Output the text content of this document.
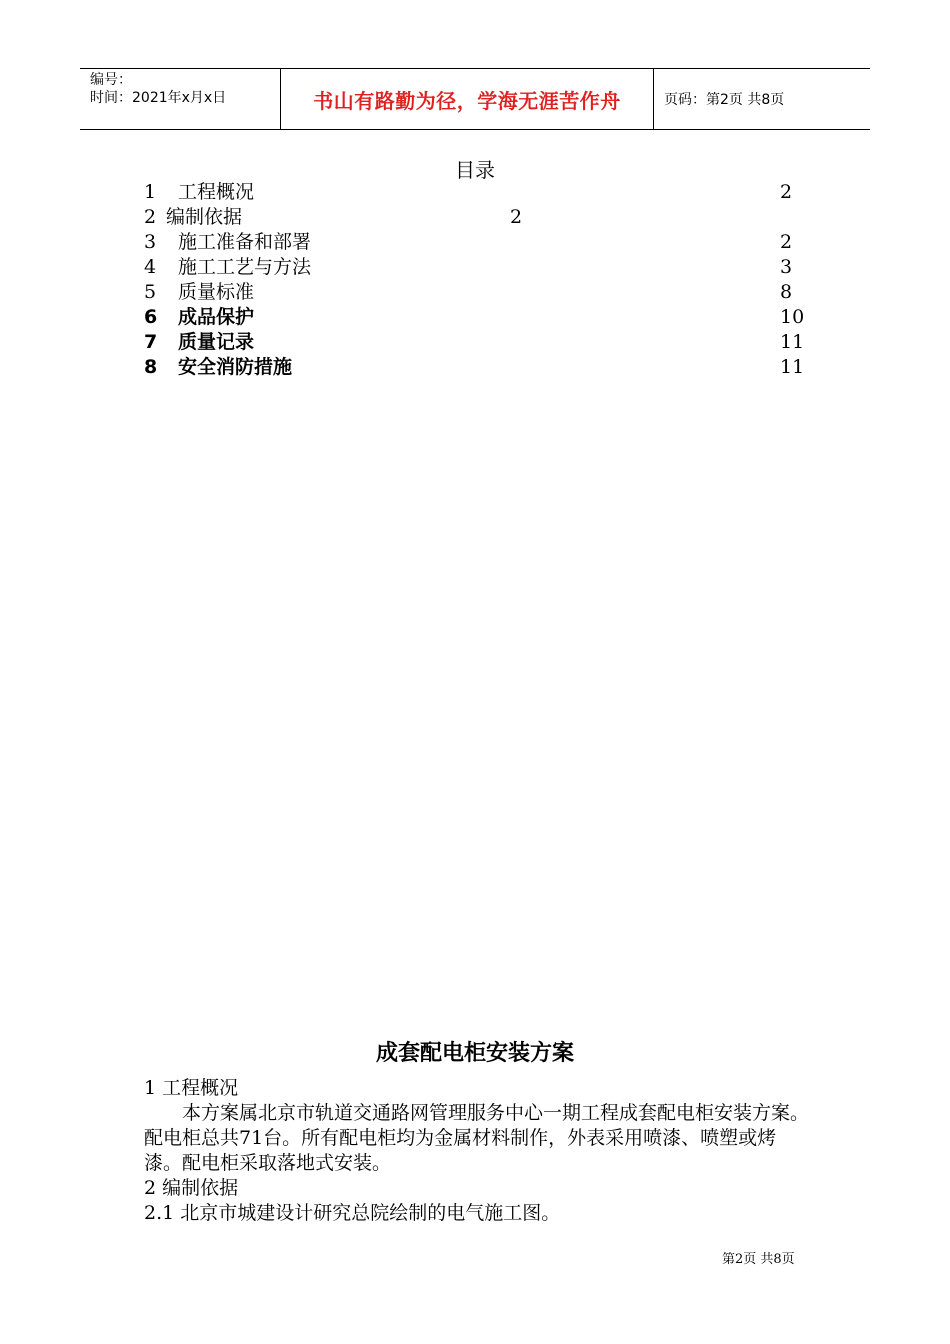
编号：
时间：2021年x月x日	书山有路勤为径，学海无涯苦作舟	页码：第2页 共8页
目录
1 工程概况	2
2 编制依据	2
3 施工准备和部署	2
4 施工工艺与方法	3
5 质量标准	8
6 成品保护	10
7 质量记录	11
8 安全消防措施	11
成套配电柜安装方案
1 工程概况
本方案属北京市轨道交通路网管理服务中心一期工程成套配电柜安装方案。配电柜总共71台。所有配电柜均为金属材料制作，外表采用喷漆、喷塑或烤漆。配电柜采取落地式安装。
2 编制依据
2.1 北京市城建设计研究总院绘制的电气施工图。
第2页 共8页
